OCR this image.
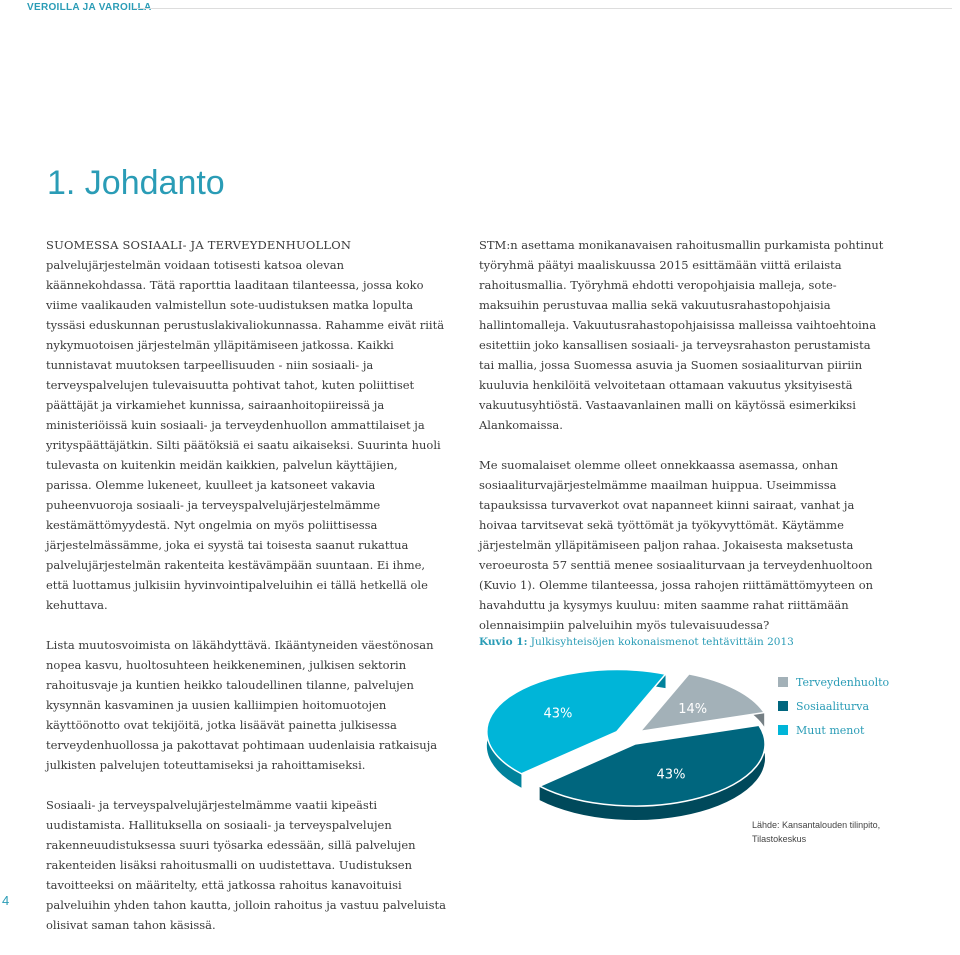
VEROILLA JA VAROILLA
1. Johdanto

SUOMESSA SOSIAALI- JA TERVEYDENHUOLLON palvelujärjestelmän voidaan totisesti katsoa olevan käännekohdassa. Tätä raporttia laaditaan tilanteessa, jossa koko viime vaalikauden valmistellun sote-uudistuksen matka lopulta tyssäsi eduskunnan perustuslakivaliokunnassa. Rahamme eivät riitä nykymuotoisen järjestelmän ylläpitämiseen jatkossa. Kaikki tunnistavat muutoksen tarpeellisuuden - niin sosiaali- ja terveyspalvelujen tulevaisuutta pohtivat tahot, kuten poliittiset päättäjät ja virkamiehet kunnissa, sairaanhoitopiireissä ja ministeriöissä kuin sosiaali- ja terveydenhuollon ammattilaiset ja yrityspäättäjätkin. Silti päätöksiä ei saatu aikaiseksi. Suurinta huoli tulevasta on kuitenkin meidän kaikkien, palvelun käyttäjien, parissa. Olemme lukeneet, kuulleet ja katsoneet vakavia puheenvuoroja sosiaali- ja terveyspalvelujärjestelmämme kestämättömyydestä. Nyt ongelmia on myös poliittisessa järjestelmässämme, joka ei syystä tai toisesta saanut rukattua palvelujärjestelmän rakenteita kestävämpään suuntaan. Ei ihme, että luottamus julkisiin hyvinvointipalveluihin ei tällä hetkellä ole kehuttava.

Lista muutosvoimista on läkähdyttävä. Ikääntyneiden väestönosan nopea kasvu, huoltosuhteen heikkeneminen, julkisen sektorin rahoitusvaje ja kuntien heikko taloudellinen tilanne, palvelujen kysynnän kasvaminen ja uusien kalliimpien hoitomuotojen käyttöönotto ovat tekijöitä, jotka lisäävät painetta julkisessa terveydenhuollossa ja pakottavat pohtimaan uudenlaisia ratkaisuja julkisten palvelujen toteuttamiseksi ja rahoittamiseksi.

Sosiaali- ja terveyspalvelujärjestelmämme vaatii kipeästi uudistamista. Hallituksella on sosiaali- ja terveyspalvelujen rakenneuudistuksessa suuri työsarka edessään, sillä palvelujen rakenteiden lisäksi rahoitusmalli on uudistettava. Uudistuksen tavoitteeksi on määritelty, että jatkossa rahoitus kanavoituisi palveluihin yhden tahon kautta, jolloin rahoitus ja vastuu palveluista olisivat saman tahon käsissä.

STM:n asettama monikanavaisen rahoitusmallin purkamista pohtinut työryhmä päätyi maaliskuussa 2015 esittämään viittä erilaista rahoitusmallia. Työryhmä ehdotti veropohjaisia malleja, sote-maksuihin perustuvaa mallia sekä vakuutusrahastopohjaisia hallintomalleja. Vakuutusrahastopohjaisissa malleissa vaihtoehtoina esitettiin joko kansallisen sosiaali- ja terveysrahaston perustamista tai mallia, jossa Suomessa asuvia ja Suomen sosiaaliturvan piiriin kuuluvia henkilöitä velvoitetaan ottamaan vakuutus yksityisestä vakuutusyhtiöstä. Vastaavanlainen malli on käytössä esimerkiksi Alankomaissa.

Me suomalaiset olemme olleet onnekkaassa asemassa, onhan sosiaaliturvajärjestelmämme maailman huippua. Useimmissa tapauksissa turvaverkot ovat napanneet kiinni sairaat, vanhat ja hoivaa tarvitsevat sekä työttömät ja työkyvyttömät. Käytämme järjestelmän ylläpitämiseen paljon rahaa. Jokaisesta maksetusta veroeurosta 57 senttiä menee sosiaaliturvaan ja terveydenhuoltoon (Kuvio 1). Olemme tilanteessa, jossa rahojen riittämättömyyteen on havahduttu ja kysymys kuuluu: miten saamme rahat riittämään olennaisimpiin palveluihin myös tulevaisuudessa?

Kuvio 1: Julkisyhteisöjen kokonaismenot tehtävittäin 2013
14%
43%
43%
Terveydenhuolto
Sosiaaliturva
Muut menot
Lähde: Kansantalouden tilinpito, Tilastokeskus
4
